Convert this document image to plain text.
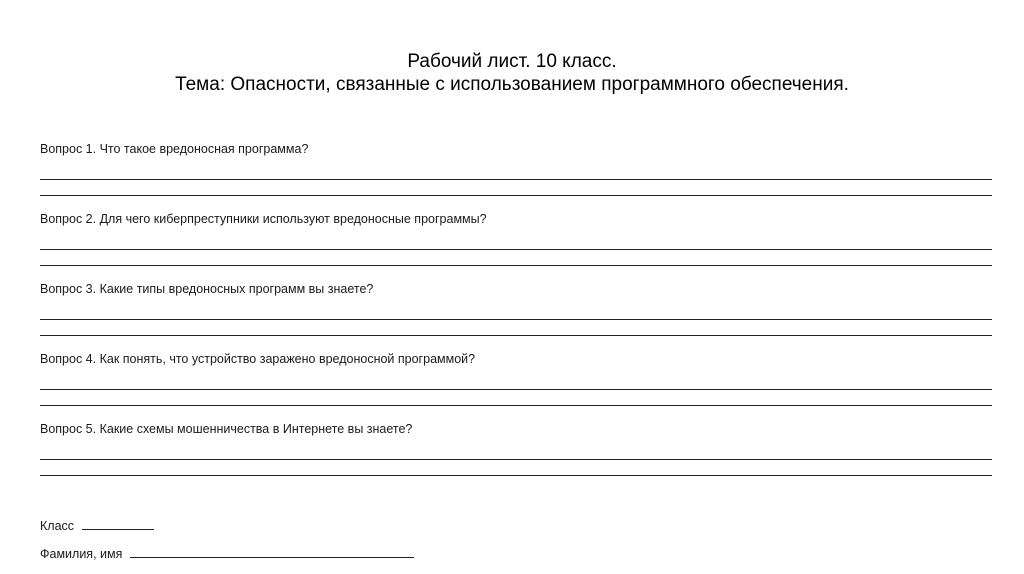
Рабочий лист. 10 класс.
Тема: Опасности, связанные с использованием программного обеспечения.
Вопрос 1. Что такое вредоносная программа?
Вопрос 2. Для чего киберпреступники используют вредоносные программы?
Вопрос 3. Какие типы вредоносных программ вы знаете?
Вопрос 4. Как понять, что устройство заражено вредоносной программой?
Вопрос 5. Какие схемы мошенничества в Интернете вы знаете?
Класс
Фамилия, имя
